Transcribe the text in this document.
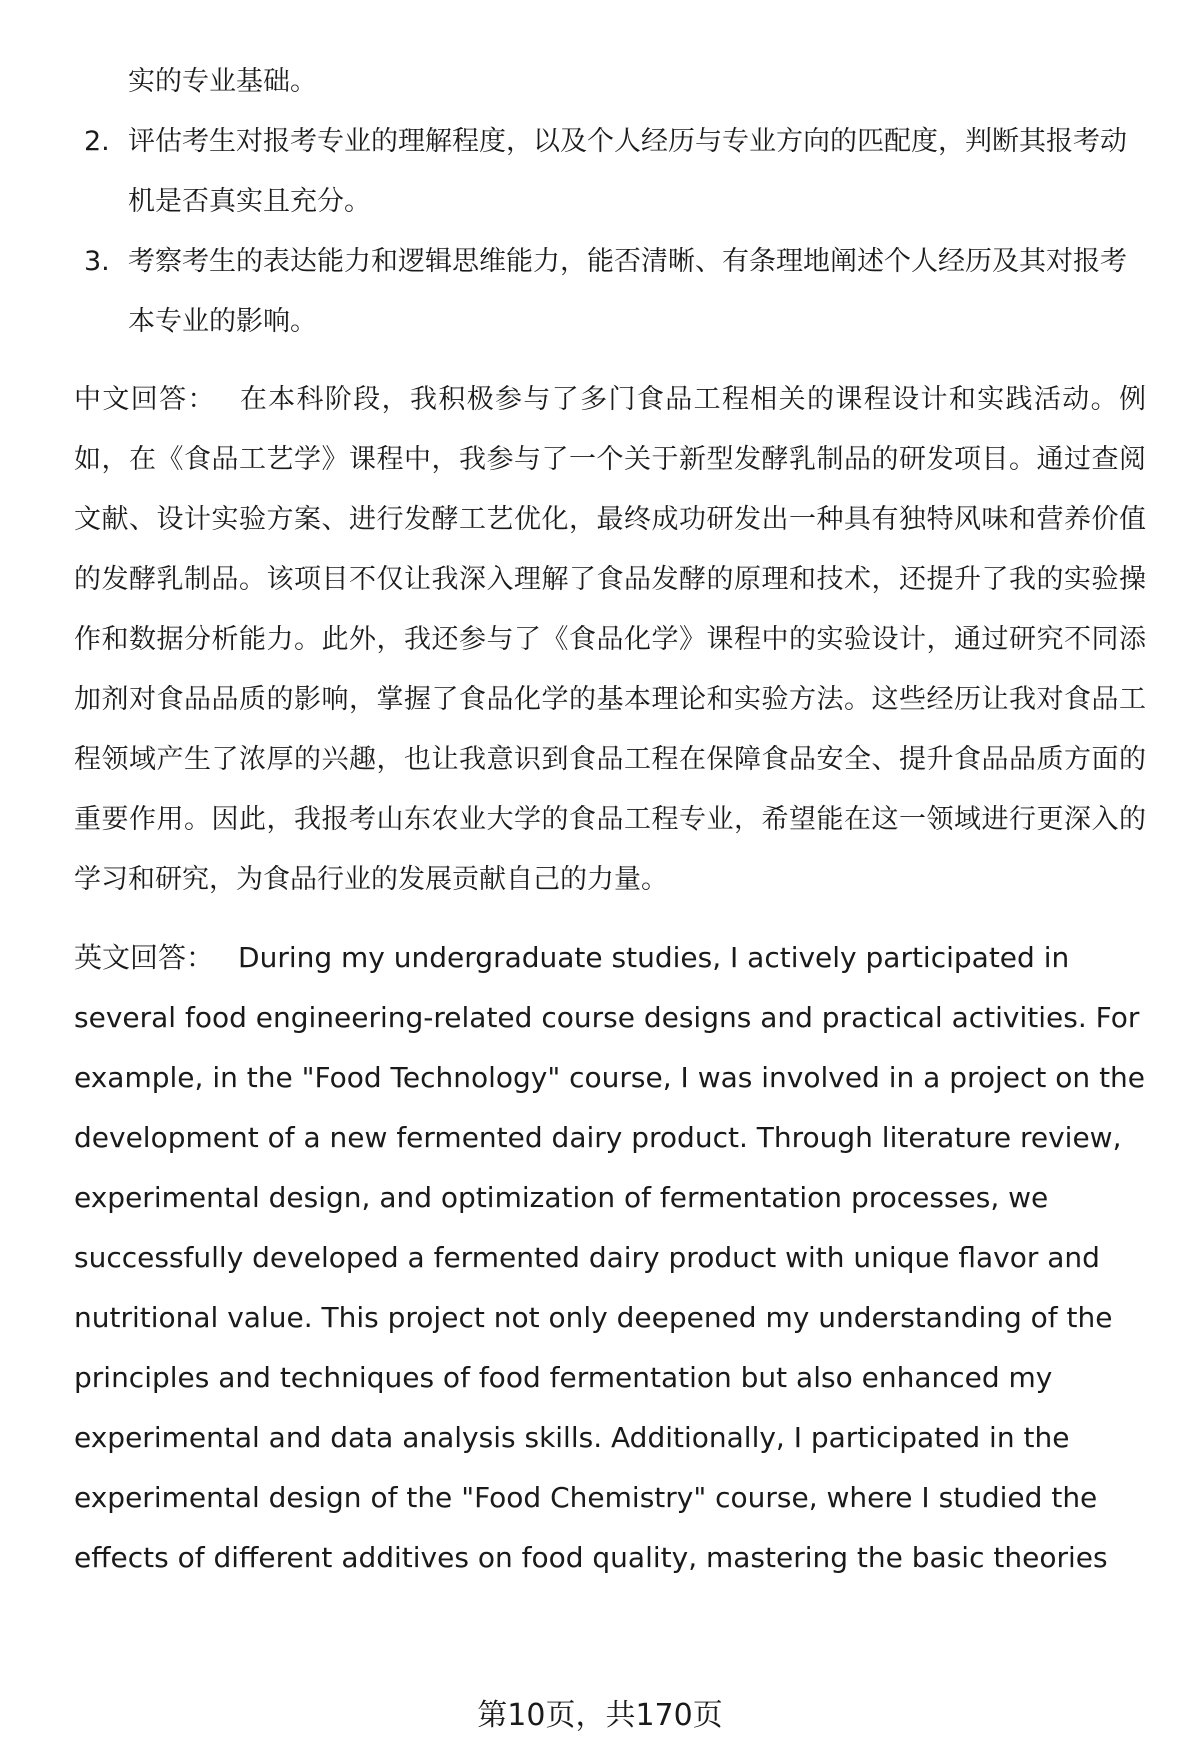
实的专业基础。
2. 评估考生对报考专业的理解程度，以及个人经历与专业方向的匹配度，判断其报考动机是否真实且充分。
3. 考察考生的表达能力和逻辑思维能力，能否清晰、有条理地阐述个人经历及其对报考本专业的影响。

中文回答： 在本科阶段，我积极参与了多门食品工程相关的课程设计和实践活动。例如，在《食品工艺学》课程中，我参与了一个关于新型发酵乳制品的研发项目。通过查阅文献、设计实验方案、进行发酵工艺优化，最终成功研发出一种具有独特风味和营养价值的发酵乳制品。该项目不仅让我深入理解了食品发酵的原理和技术，还提升了我的实验操作和数据分析能力。此外，我还参与了《食品化学》课程中的实验设计，通过研究不同添加剂对食品品质的影响，掌握了食品化学的基本理论和实验方法。这些经历让我对食品工程领域产生了浓厚的兴趣，也让我意识到食品工程在保障食品安全、提升食品品质方面的重要作用。因此，我报考山东农业大学的食品工程专业，希望能在这一领域进行更深入的学习和研究，为食品行业的发展贡献自己的力量。

英文回答： During my undergraduate studies, I actively participated in several food engineering-related course designs and practical activities. For example, in the "Food Technology" course, I was involved in a project on the development of a new fermented dairy product. Through literature review, experimental design, and optimization of fermentation processes, we successfully developed a fermented dairy product with unique flavor and nutritional value. This project not only deepened my understanding of the principles and techniques of food fermentation but also enhanced my experimental and data analysis skills. Additionally, I participated in the experimental design of the "Food Chemistry" course, where I studied the effects of different additives on food quality, mastering the basic theories

第10页，共170页
